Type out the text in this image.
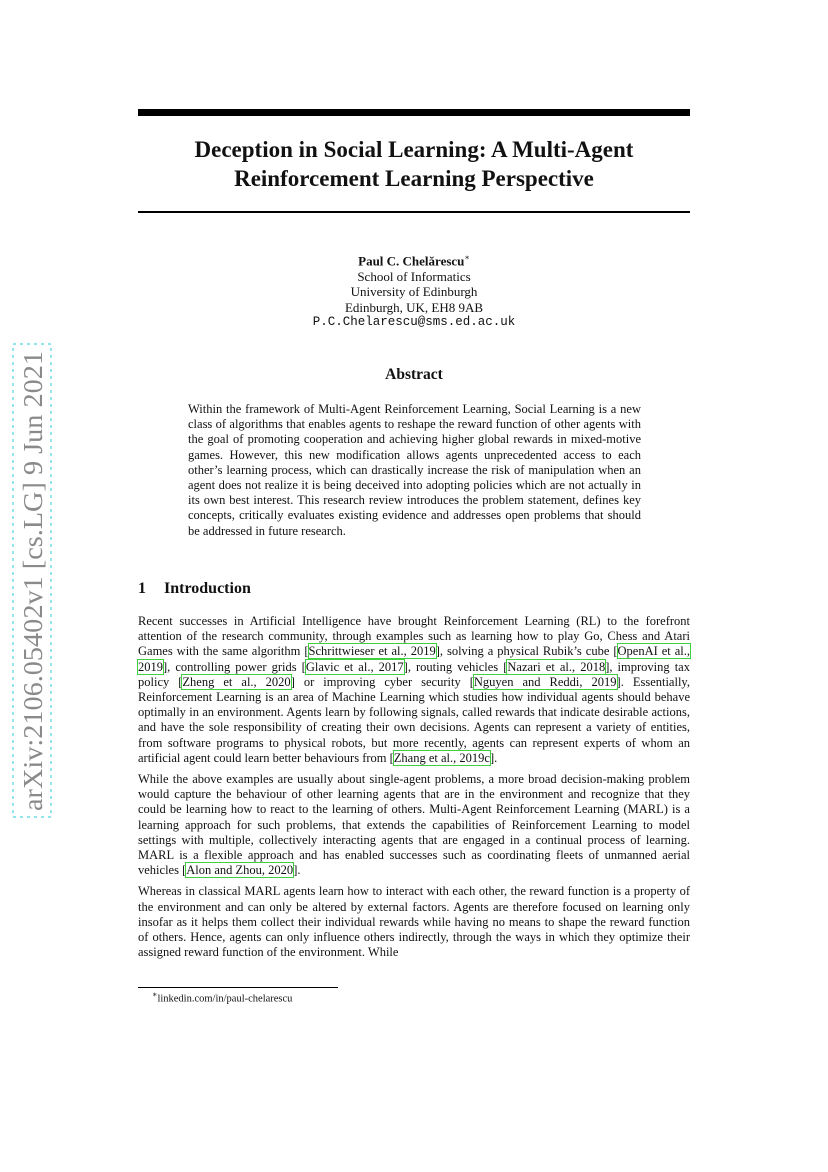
arXiv:2106.05402v1 [cs.LG] 9 Jun 2021
Deception in Social Learning: A Multi-Agent
Reinforcement Learning Perspective
Paul C. Chelărescu∗
School of Informatics
University of Edinburgh
Edinburgh, UK, EH8 9AB
P.C.Chelarescu@sms.ed.ac.uk
Abstract
Within the framework of Multi-Agent Reinforcement Learning, Social Learning is a new class of algorithms that enables agents to reshape the reward function of other agents with the goal of promoting cooperation and achieving higher global rewards in mixed-motive games. However, this new modification allows agents unprecedented access to each other’s learning process, which can drastically increase the risk of manipulation when an agent does not realize it is being deceived into adopting policies which are not actually in its own best interest. This research review introduces the problem statement, defines key concepts, critically evaluates existing evidence and addresses open problems that should be addressed in future research.
1 Introduction

Recent successes in Artificial Intelligence have brought Reinforcement Learning (RL) to the forefront attention of the research community, through examples such as learning how to play Go, Chess and Atari Games with the same algorithm [Schrittwieser et al., 2019], solving a physical Rubik’s cube [OpenAI et al., 2019], controlling power grids [Glavic et al., 2017], routing vehicles [Nazari et al., 2018], improving tax policy [Zheng et al., 2020] or improving cyber security [Nguyen and Reddi, 2019]. Essentially, Reinforcement Learning is an area of Machine Learning which studies how individual agents should behave optimally in an environment. Agents learn by following signals, called rewards that indicate desirable actions, and have the sole responsibility of creating their own decisions. Agents can represent a variety of entities, from software programs to physical robots, but more recently, agents can represent experts of whom an artificial agent could learn better behaviours from [Zhang et al., 2019c].

While the above examples are usually about single-agent problems, a more broad decision-making problem would capture the behaviour of other learning agents that are in the environment and recognize that they could be learning how to react to the learning of others. Multi-Agent Reinforcement Learning (MARL) is a learning approach for such problems, that extends the capabilities of Reinforcement Learning to model settings with multiple, collectively interacting agents that are engaged in a continual process of learning. MARL is a flexible approach and has enabled successes such as coordinating fleets of unmanned aerial vehicles [Alon and Zhou, 2020].

Whereas in classical MARL agents learn how to interact with each other, the reward function is a property of the environment and can only be altered by external factors. Agents are therefore focused on learning only insofar as it helps them collect their individual rewards while having no means to shape the reward function of others. Hence, agents can only influence others indirectly, through the ways in which they optimize their assigned reward function of the environment. While

∗linkedin.com/in/paul-chelarescu
